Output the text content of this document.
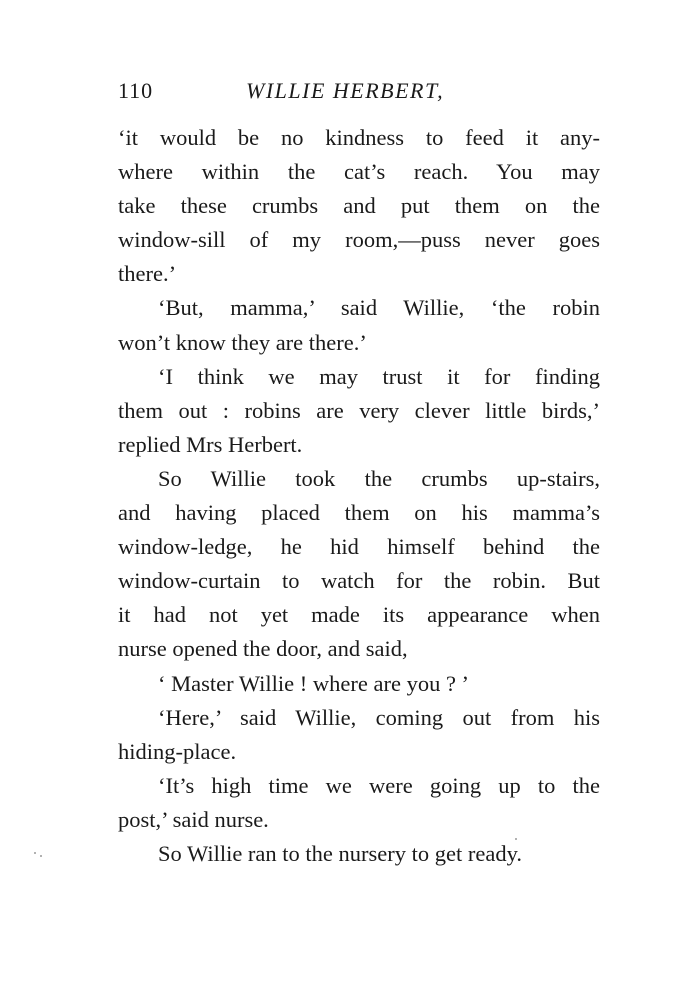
110	WILLIE HERBERT,
‘it would be no kindness to feed it any-
where within the cat’s reach. You may
take these crumbs and put them on the
window-sill of my room,—puss never goes
there.’
‘But, mamma,’ said Willie, ‘the robin
won’t know they are there.’
‘I think we may trust it for finding
them out : robins are very clever little birds,’
replied Mrs Herbert.
So Willie took the crumbs up-stairs,
and having placed them on his mamma’s
window-ledge, he hid himself behind the
window-curtain to watch for the robin. But
it had not yet made its appearance when
nurse opened the door, and said,
‘ Master Willie ! where are you ? ’
‘Here,’ said Willie, coming out from his
hiding-place.
‘It’s high time we were going up to the
post,’ said nurse.
So Willie ran to the nursery to get ready.
